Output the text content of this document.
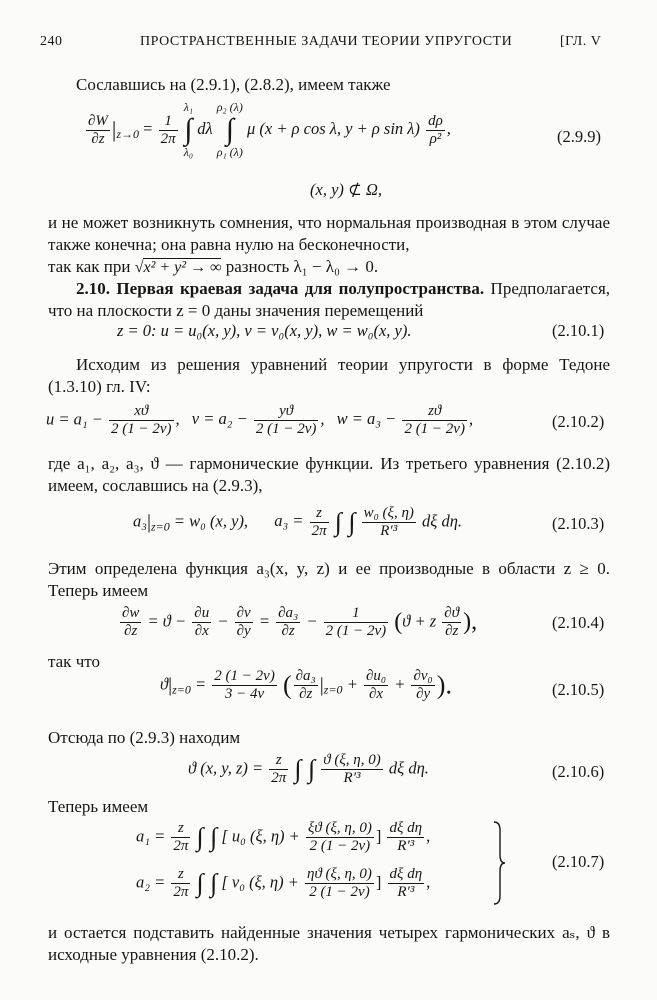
240	ПРОСТРАНСТВЕННЫЕ ЗАДАЧИ ТЕОРИИ УПРУГОСТИ	[ГЛ. V
Сославшись на (2.9.1), (2.8.2), имеем также
$\frac{\partial W}{\partial z} |_{z\to 0} = \frac{1}{2\pi}$

λ₁
∫
λ₀
dλ
ρ₂ (λ)
∫
ρ₁ (λ)
μ (x + ρ cos λ, y + ρ $\sin \lambda) \frac{d\rho}{\text{ρ²}}$ ,	(2.9.9)
(x, y) ⊄ Ω,
и не может возникнуть сомнения, что нормальная производная в этом случае также конечна; она равна нулю на бесконечности,
так как при √x² + y² → ∞ разность λ₁ − λ₀ → 0.
2.10. Первая краевая задача для полупространства. Предполагается, что на плоскости z = 0 даны значения перемещений
z = 0: u = u₀(x, y), v = v₀(x, y), w = w₀(x, y).	(2.10.1)
Исходим из решения уравнений теории упругости в форме Тедоне (1.3.10) гл. IV:
$u = a_1 - \frac{xϑ}{2 (1 - 2\nu)}$ , $v = a_2 - \frac{yϑ}{2 (1 - 2\nu)}$ , $w = a_3 - \frac{zϑ}{2 (1 - 2\nu)}$ ,	(2.10.2)
где a₁, a₂, a₃, ϑ — гармонические функции. Из третьего уравнения (2.10.2) имеем, сославшись на (2.9.3),
$a_3|_{z=0} = w_0$ (x, y), $a_3 = \frac{z}{2\pi}$ ∫ ∫ $\frac{\text{w₀ (ξ, η)}}{\text{R′³}}$ dξ dη.	(2.10.3)
Этим определена функция a₃(x, y, z) и ее производные в области z ≥ 0. Теперь имеем
$\frac{\partial w}{\partial z} = ϑ - \frac{\partial u}{\partial x} - \frac{\partial v}{\partial y} = \frac{\text{∂a₃}}{\partial z} - \frac{1}{2 (1 - 2\nu)} (ϑ + z \frac{\partial ϑ}{\partial z}$ ),	(2.10.4)
так что
$ϑ|_{z=0} = \frac{2 (1 - 2\nu)}{3 - 4\nu}$ ( $\frac{\text{∂a₃}}{\partial z} |_{z=0} + \frac{\text{∂u₀}}{\partial x} + \frac{\text{∂v₀}}{\partial y}$ ).	(2.10.5)
Отсюда по (2.9.3) находим
ϑ (x, y, $z) = \frac{z}{2\pi}$ ∫ ∫ $\frac{ϑ (\xi, \eta, 0)}{\text{R′³}}$ dξ dη.	(2.10.6)
Теперь имеем
$a_1 = \frac{z}{2\pi}$ ∫ ∫ [ u₀ (ξ, $\eta) + \frac{\xi ϑ (\xi, \eta, 0)}{2 (1 - 2\nu)}$ ] $\frac{\text{dξ dη}}{\text{R′³}}$ ,
$a_2 = \frac{z}{2\pi}$ ∫ ∫ [ v₀ (ξ, $\eta) + \frac{\eta ϑ (\xi, \eta, 0)}{2 (1 - 2\nu)}$ ] $\frac{\text{dξ dη}}{\text{R′³}}$ ,
(2.10.7)
и остается подставить найденные значения четырех гармонических aₛ, ϑ в исходные уравнения (2.10.2).
